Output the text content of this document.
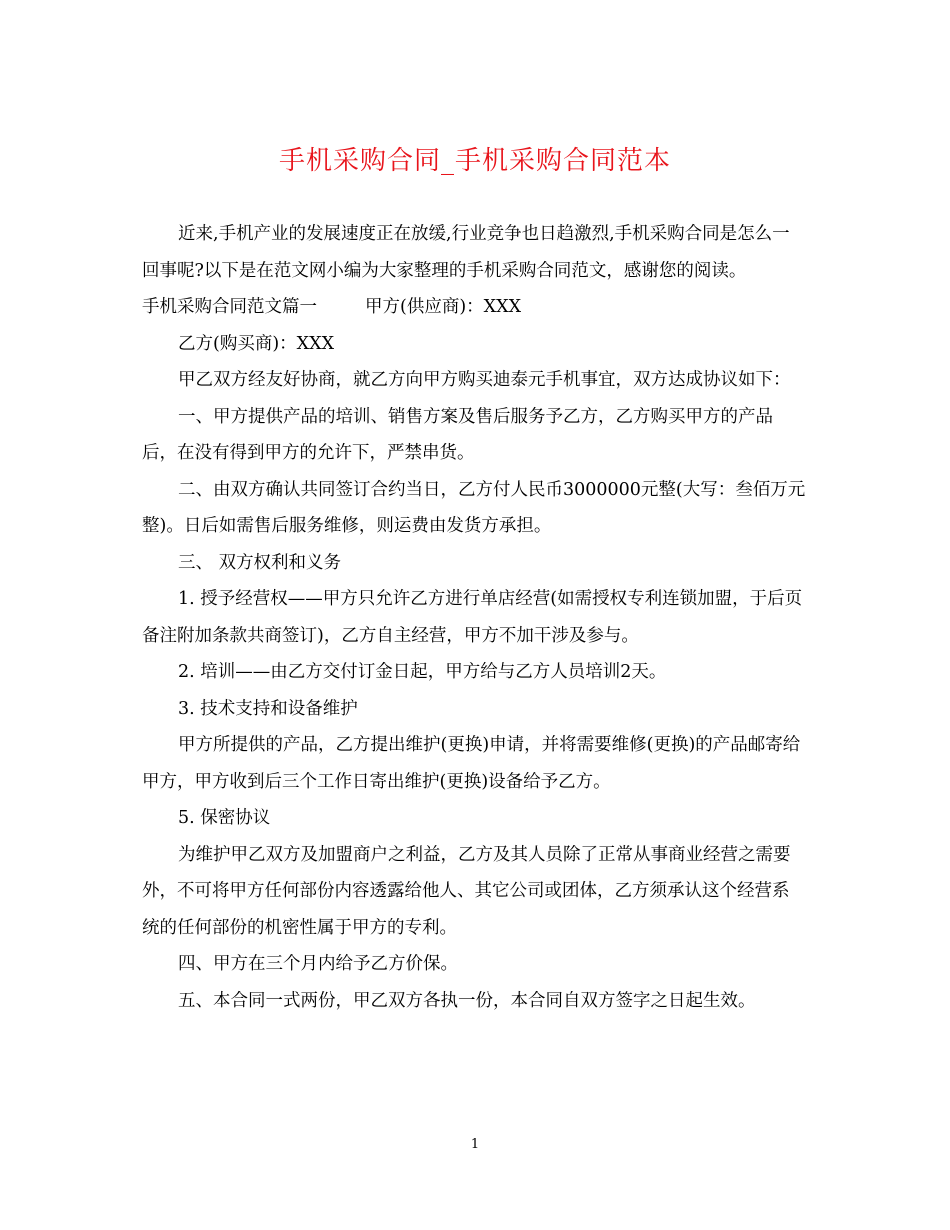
手机采购合同_手机采购合同范本

近来,手机产业的发展速度正在放缓,行业竞争也日趋激烈,手机采购合同是怎么一回事呢?以下是在范文网小编为大家整理的手机采购合同范文，感谢您的阅读。

手机采购合同范文篇一	甲方(供应商)：XXX

乙方(购买商)：XXX

甲乙双方经友好协商，就乙方向甲方购买迪泰元手机事宜，双方达成协议如下：

一、甲方提供产品的培训、销售方案及售后服务予乙方，乙方购买甲方的产品后，在没有得到甲方的允许下，严禁串货。

二、由双方确认共同签订合约当日，乙方付人民币3000000元整(大写：叁佰万元整)。日后如需售后服务维修，则运费由发货方承担。

三、 双方权利和义务

1. 授予经营权——甲方只允许乙方进行单店经营(如需授权专利连锁加盟，于后页备注附加条款共商签订)，乙方自主经营，甲方不加干涉及参与。

2. 培训——由乙方交付订金日起，甲方给与乙方人员培训2天。

3. 技术支持和设备维护

甲方所提供的产品，乙方提出维护(更换)申请，并将需要维修(更换)的产品邮寄给甲方，甲方收到后三个工作日寄出维护(更换)设备给予乙方。

5. 保密协议

为维护甲乙双方及加盟商户之利益，乙方及其人员除了正常从事商业经营之需要外，不可将甲方任何部份内容透露给他人、其它公司或团体，乙方须承认这个经营系统的任何部份的机密性属于甲方的专利。

四、甲方在三个月内给予乙方价保。

五、本合同一式两份，甲乙双方各执一份，本合同自双方签字之日起生效。

1
